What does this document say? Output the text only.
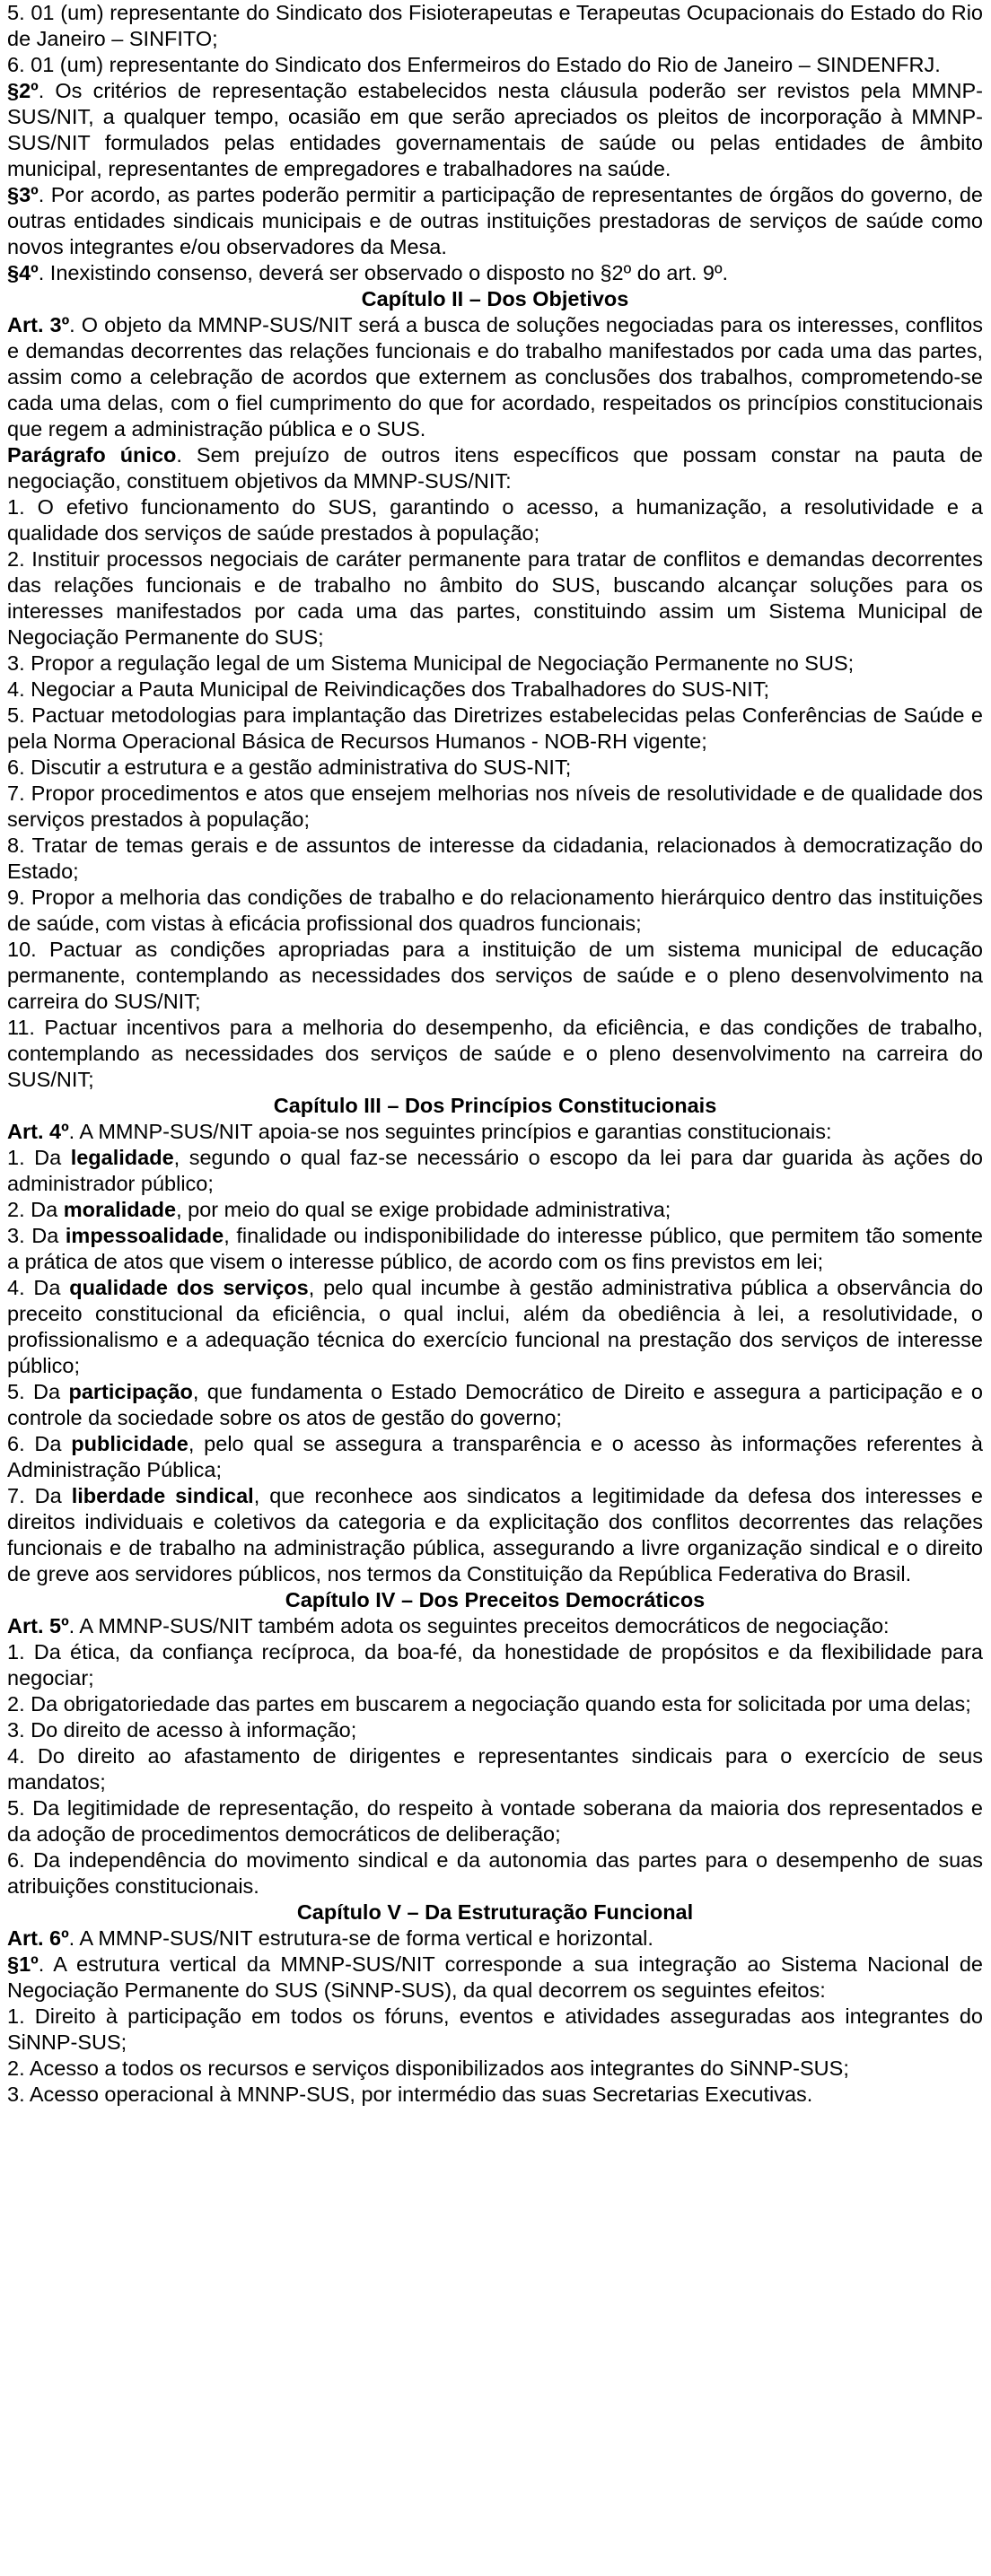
5. 01 (um) representante do Sindicato dos Fisioterapeutas e Terapeutas Ocupacionais do Estado do Rio de Janeiro – SINFITO;

6. 01 (um) representante do Sindicato dos Enfermeiros do Estado do Rio de Janeiro – SINDENFRJ.

§2º. Os critérios de representação estabelecidos nesta cláusula poderão ser revistos pela MMNP-SUS/NIT, a qualquer tempo, ocasião em que serão apreciados os pleitos de incorporação à MMNP-SUS/NIT formulados pelas entidades governamentais de saúde ou pelas entidades de âmbito municipal, representantes de empregadores e trabalhadores na saúde.

§3º. Por acordo, as partes poderão permitir a participação de representantes de órgãos do governo, de outras entidades sindicais municipais e de outras instituições prestadoras de serviços de saúde como novos integrantes e/ou observadores da Mesa.

§4º. Inexistindo consenso, deverá ser observado o disposto no §2º do art. 9º.

Capítulo II – Dos Objetivos

Art. 3º. O objeto da MMNP-SUS/NIT será a busca de soluções negociadas para os interesses, conflitos e demandas decorrentes das relações funcionais e do trabalho manifestados por cada uma das partes, assim como a celebração de acordos que externem as conclusões dos trabalhos, comprometendo-se cada uma delas, com o fiel cumprimento do que for acordado, respeitados os princípios constitucionais que regem a administração pública e o SUS.

Parágrafo único. Sem prejuízo de outros itens específicos que possam constar na pauta de negociação, constituem objetivos da MMNP-SUS/NIT:

1. O efetivo funcionamento do SUS, garantindo o acesso, a humanização, a resolutividade e a qualidade dos serviços de saúde prestados à população;

2. Instituir processos negociais de caráter permanente para tratar de conflitos e demandas decorrentes das relações funcionais e de trabalho no âmbito do SUS, buscando alcançar soluções para os interesses manifestados por cada uma das partes, constituindo assim um Sistema Municipal de Negociação Permanente do SUS;

3. Propor a regulação legal de um Sistema Municipal de Negociação Permanente no SUS;

4. Negociar a Pauta Municipal de Reivindicações dos Trabalhadores do SUS-NIT;

5. Pactuar metodologias para implantação das Diretrizes estabelecidas pelas Conferências de Saúde e pela Norma Operacional Básica de Recursos Humanos - NOB-RH vigente;

6. Discutir a estrutura e a gestão administrativa do SUS-NIT;

7. Propor procedimentos e atos que ensejem melhorias nos níveis de resolutividade e de qualidade dos serviços prestados à população;

8. Tratar de temas gerais e de assuntos de interesse da cidadania, relacionados à democratização do Estado;

9. Propor a melhoria das condições de trabalho e do relacionamento hierárquico dentro das instituições de saúde, com vistas à eficácia profissional dos quadros funcionais;

10. Pactuar as condições apropriadas para a instituição de um sistema municipal de educação permanente, contemplando as necessidades dos serviços de saúde e o pleno desenvolvimento na carreira do SUS/NIT;

11. Pactuar incentivos para a melhoria do desempenho, da eficiência, e das condições de trabalho, contemplando as necessidades dos serviços de saúde e o pleno desenvolvimento na carreira do SUS/NIT;

Capítulo III – Dos Princípios Constitucionais

Art. 4º. A MMNP-SUS/NIT apoia-se nos seguintes princípios e garantias constitucionais:

1. Da legalidade, segundo o qual faz-se necessário o escopo da lei para dar guarida às ações do administrador público;

2. Da moralidade, por meio do qual se exige probidade administrativa;

3. Da impessoalidade, finalidade ou indisponibilidade do interesse público, que permitem tão somente a prática de atos que visem o interesse público, de acordo com os fins previstos em lei;

4. Da qualidade dos serviços, pelo qual incumbe à gestão administrativa pública a observância do preceito constitucional da eficiência, o qual inclui, além da obediência à lei, a resolutividade, o profissionalismo e a adequação técnica do exercício funcional na prestação dos serviços de interesse público;

5. Da participação, que fundamenta o Estado Democrático de Direito e assegura a participação e o controle da sociedade sobre os atos de gestão do governo;

6. Da publicidade, pelo qual se assegura a transparência e o acesso às informações referentes à Administração Pública;

7. Da liberdade sindical, que reconhece aos sindicatos a legitimidade da defesa dos interesses e direitos individuais e coletivos da categoria e da explicitação dos conflitos decorrentes das relações funcionais e de trabalho na administração pública, assegurando a livre organização sindical e o direito de greve aos servidores públicos, nos termos da Constituição da República Federativa do Brasil.

Capítulo IV – Dos Preceitos Democráticos

Art. 5º. A MMNP-SUS/NIT também adota os seguintes preceitos democráticos de negociação:

1. Da ética, da confiança recíproca, da boa-fé, da honestidade de propósitos e da flexibilidade para negociar;

2. Da obrigatoriedade das partes em buscarem a negociação quando esta for solicitada por uma delas;

3. Do direito de acesso à informação;

4. Do direito ao afastamento de dirigentes e representantes sindicais para o exercício de seus mandatos;

5. Da legitimidade de representação, do respeito à vontade soberana da maioria dos representados e da adoção de procedimentos democráticos de deliberação;

6. Da independência do movimento sindical e da autonomia das partes para o desempenho de suas atribuições constitucionais.

Capítulo V – Da Estruturação Funcional

Art. 6º. A MMNP-SUS/NIT estrutura-se de forma vertical e horizontal.

§1º. A estrutura vertical da MMNP-SUS/NIT corresponde a sua integração ao Sistema Nacional de Negociação Permanente do SUS (SiNNP-SUS), da qual decorrem os seguintes efeitos:

1. Direito à participação em todos os fóruns, eventos e atividades asseguradas aos integrantes do SiNNP-SUS;

2. Acesso a todos os recursos e serviços disponibilizados aos integrantes do SiNNP-SUS;

3. Acesso operacional à MNNP-SUS, por intermédio das suas Secretarias Executivas.
